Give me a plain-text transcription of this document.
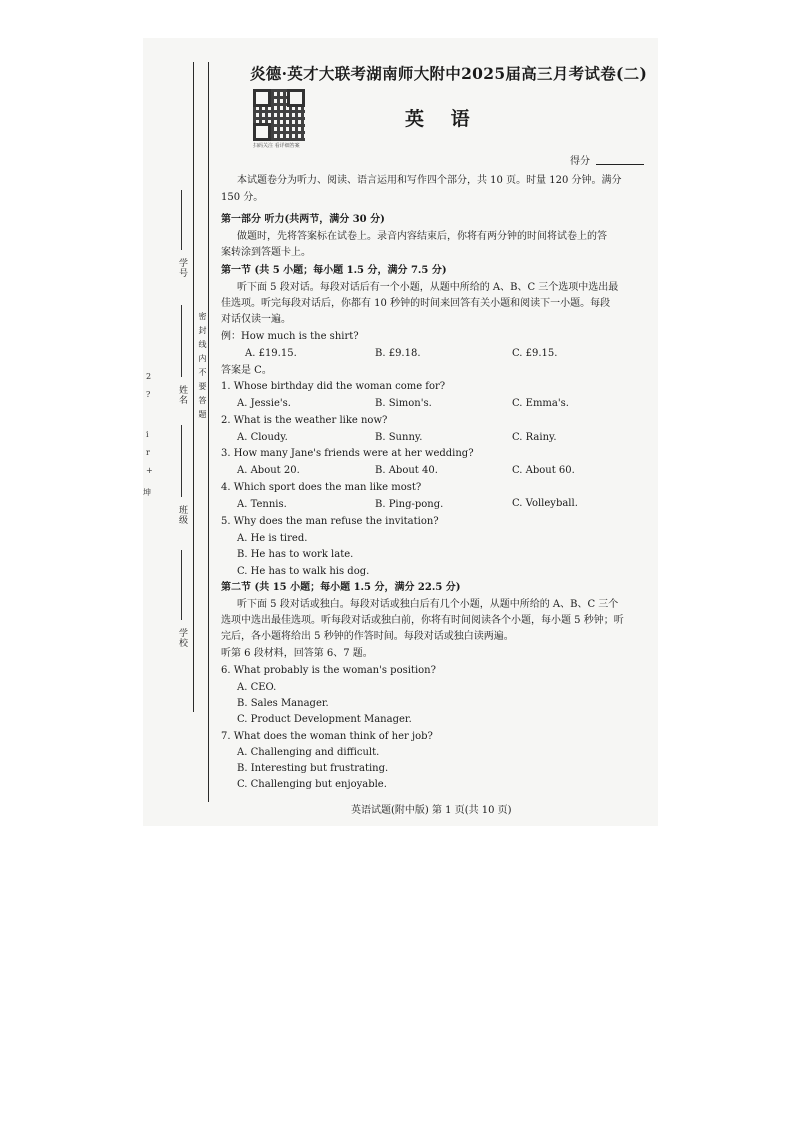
学号
姓名
班级
学校
密封线内不要答题
2
i
?
r
+
坤
炎德·英才大联考湖南师大附中2025届高三月考试卷(二)
扫码关注 看详细答案
英 语
得分
本试题卷分为听力、阅读、语言运用和写作四个部分，共 10 页。时量 120 分钟。满分
150 分。
第一部分 听力(共两节，满分 30 分)
做题时，先将答案标在试卷上。录音内容结束后，你将有两分钟的时间将试卷上的答
案转涂到答题卡上。
第一节 (共 5 小题；每小题 1.5 分，满分 7.5 分)
听下面 5 段对话。每段对话后有一个小题，从题中所给的 A、B、C 三个选项中选出最
佳选项。听完每段对话后，你都有 10 秒钟的时间来回答有关小题和阅读下一小题。每段
对话仅读一遍。
例：How much is the shirt?
A. £19.15.	B. £9.18.	C. £9.15.
答案是 C。
1. Whose birthday did the woman come for?
A. Jessie's.	B. Simon's.	C. Emma's.
2. What is the weather like now?
A. Cloudy.	B. Sunny.	C. Rainy.
3. How many Jane's friends were at her wedding?
A. About 20.	B. About 40.	C. About 60.
4. Which sport does the man like most?
A. Tennis.	B. Ping-pong.	C. Volleyball.
5. Why does the man refuse the invitation?
A. He is tired.
B. He has to work late.
C. He has to walk his dog.
第二节 (共 15 小题；每小题 1.5 分，满分 22.5 分)
听下面 5 段对话或独白。每段对话或独白后有几个小题，从题中所给的 A、B、C 三个
选项中选出最佳选项。听每段对话或独白前，你将有时间阅读各个小题，每小题 5 秒钟；听
完后，各小题将给出 5 秒钟的作答时间。每段对话或独白读两遍。
听第 6 段材料，回答第 6、7 题。
6. What probably is the woman's position?
A. CEO.
B. Sales Manager.
C. Product Development Manager.
7. What does the woman think of her job?
A. Challenging and difficult.
B. Interesting but frustrating.
C. Challenging but enjoyable.
英语试题(附中版) 第 1 页(共 10 页)
